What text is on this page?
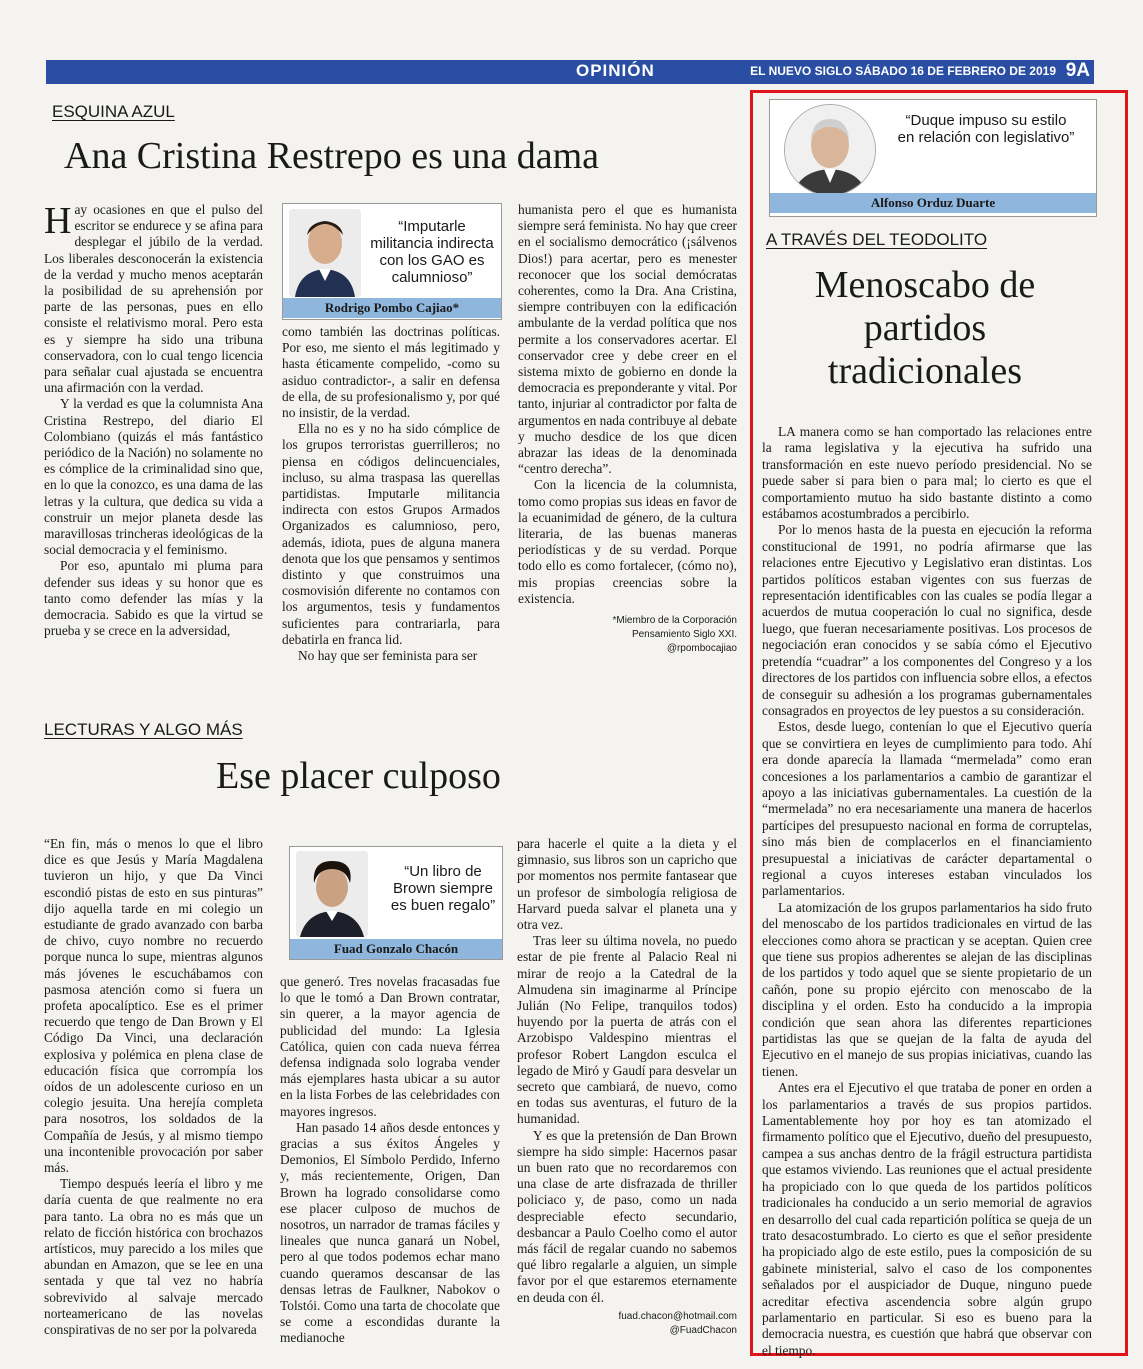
OPINIÓN	EL NUEVO SIGLO SÁBADO 16 DE FEBRERO DE 2019 9A
ESQUINA AZUL
Ana Cristina Restrepo es una dama

Hay ocasiones en que el pulso del escritor se endurece y se afina para desplegar el júbilo de la verdad. Los liberales desconocerán la existencia de la verdad y mucho menos aceptarán la posibilidad de su aprehensión por parte de las personas, pues en ello consiste el relativismo moral. Pero esta es y siempre ha sido una tribuna conservadora, con lo cual tengo licencia para señalar cual ajustada se encuentra una afirmación con la verdad.

Y la verdad es que la columnista Ana Cristina Restrepo, del diario El Colombiano (quizás el más fantástico periódico de la Nación) no solamente no es cómplice de la criminalidad sino que, en lo que la conozco, es una dama de las letras y la cultura, que dedica su vida a construir un mejor planeta desde las maravillosas trincheras ideológicas de la social democracia y el feminismo.

Por eso, apuntalo mi pluma para defender sus ideas y su honor que es tanto como defender las mías y la democracia. Sabido es que la virtud se prueba y se crece en la adversidad,

“Imputarle militancia indirecta con los GAO es calumnioso”
Rodrigo Pombo Cajiao*

como también las doctrinas políticas. Por eso, me siento el más legitimado y hasta éticamente compelido, -como su asiduo contradictor-, a salir en defensa de ella, de su profesionalismo y, por qué no insistir, de la verdad.

Ella no es y no ha sido cómplice de los grupos terroristas guerrilleros; no piensa en códigos delincuenciales, incluso, su alma traspasa las querellas partidistas. Imputarle militancia indirecta con estos Grupos Armados Organizados es calumnioso, pero, además, idiota, pues de alguna manera denota que los que pensamos y sentimos distinto y que construimos una cosmovisión diferente no contamos con los argumentos, tesis y fundamentos suficientes para contrariarla, para debatirla en franca lid.

No hay que ser feminista para ser

humanista pero el que es humanista siempre será feminista. No hay que creer en el socialismo democrático (¡sálvenos Dios!) para acertar, pero es menester reconocer que los social demócratas coherentes, como la Dra. Ana Cristina, siempre contribuyen con la edificación ambulante de la verdad política que nos permite a los conservadores acertar. El conservador cree y debe creer en el sistema mixto de gobierno en donde la democracia es preponderante y vital. Por tanto, injuriar al contradictor por falta de argumentos en nada contribuye al debate y mucho desdice de los que dicen abrazar las ideas de la denominada “centro derecha”.

Con la licencia de la columnista, tomo como propias sus ideas en favor de la ecuanimidad de género, de la cultura literaria, de las buenas maneras periodísticas y de su verdad. Porque todo ello es como fortalecer, (cómo no), mis propias creencias sobre la existencia.

*Miembro de la Corporación
Pensamiento Siglo XXI.
@rpombocajiao
LECTURAS Y ALGO MÁS
Ese placer culposo

“En fin, más o menos lo que el libro dice es que Jesús y María Magdalena tuvieron un hijo, y que Da Vinci escondió pistas de esto en sus pinturas” dijo aquella tarde en mi colegio un estudiante de grado avanzado con barba de chivo, cuyo nombre no recuerdo porque nunca lo supe, mientras algunos más jóvenes le escuchábamos con pasmosa atención como si fuera un profeta apocalíptico. Ese es el primer recuerdo que tengo de Dan Brown y El Código Da Vinci, una declaración explosiva y polémica en plena clase de educación física que corrompía los oídos de un adolescente curioso en un colegio jesuita. Una herejía completa para nosotros, los soldados de la Compañía de Jesús, y al mismo tiempo una incontenible provocación por saber más.

Tiempo después leería el libro y me daría cuenta de que realmente no era para tanto. La obra no es más que un relato de ficción histórica con brochazos artísticos, muy parecido a los miles que abundan en Amazon, que se lee en una sentada y que tal vez no habría sobrevivido al salvaje mercado norteamericano de las novelas conspirativas de no ser por la polvareda

“Un libro de Brown siempre es buen regalo”
Fuad Gonzalo Chacón

que generó. Tres novelas fracasadas fue lo que le tomó a Dan Brown contratar, sin querer, a la mayor agencia de publicidad del mundo: La Iglesia Católica, quien con cada nueva férrea defensa indignada solo lograba vender más ejemplares hasta ubicar a su autor en la lista Forbes de las celebridades con mayores ingresos.

Han pasado 14 años desde entonces y gracias a sus éxitos Ángeles y Demonios, El Símbolo Perdido, Inferno y, más recientemente, Origen, Dan Brown ha logrado consolidarse como ese placer culposo de muchos de nosotros, un narrador de tramas fáciles y lineales que nunca ganará un Nobel, pero al que todos podemos echar mano cuando queramos descansar de las densas letras de Faulkner, Nabokov o Tolstói. Como una tarta de chocolate que se come a escondidas durante la medianoche

para hacerle el quite a la dieta y el gimnasio, sus libros son un capricho que por momentos nos permite fantasear que un profesor de simbología religiosa de Harvard pueda salvar el planeta una y otra vez.

Tras leer su última novela, no puedo estar de pie frente al Palacio Real ni mirar de reojo a la Catedral de la Almudena sin imaginarme al Príncipe Julián (No Felipe, tranquilos todos) huyendo por la puerta de atrás con el Arzobispo Valdespino mientras el profesor Robert Langdon esculca el legado de Miró y Gaudí para desvelar un secreto que cambiará, de nuevo, como en todas sus aventuras, el futuro de la humanidad.

Y es que la pretensión de Dan Brown siempre ha sido simple: Hacernos pasar un buen rato que no recordaremos con una clase de arte disfrazada de thriller policiaco y, de paso, como un nada despreciable efecto secundario, desbancar a Paulo Coelho como el autor más fácil de regalar cuando no sabemos qué libro regalarle a alguien, un simple favor por el que estaremos eternamente en deuda con él.

fuad.chacon@hotmail.com
@FuadChacon
“Duque impuso su estilo en relación con legislativo”
Alfonso Orduz Duarte
A TRAVÉS DEL TEODOLITO
Menoscabo de partidos tradicionales

LA manera como se han comportado las relaciones entre la rama legislativa y la ejecutiva ha sufrido una transformación en este nuevo período presidencial. No se puede saber si para bien o para mal; lo cierto es que el comportamiento mutuo ha sido bastante distinto a como estábamos acostumbrados a percibirlo.

Por lo menos hasta de la puesta en ejecución la reforma constitucional de 1991, no podría afirmarse que las relaciones entre Ejecutivo y Legislativo eran distintas. Los partidos políticos estaban vigentes con sus fuerzas de representación identificables con las cuales se podía llegar a acuerdos de mutua cooperación lo cual no significa, desde luego, que fueran necesariamente positivas. Los procesos de negociación eran conocidos y se sabía cómo el Ejecutivo pretendía “cuadrar” a los componentes del Congreso y a los directores de los partidos con influencia sobre ellos, a efectos de conseguir su adhesión a los programas gubernamentales consagrados en proyectos de ley puestos a su consideración.

Estos, desde luego, contenían lo que el Ejecutivo quería que se convirtiera en leyes de cumplimiento para todo. Ahí era donde aparecía la llamada “mermelada” como eran concesiones a los parlamentarios a cambio de garantizar el apoyo a las iniciativas gubernamentales. La cuestión de la “mermelada” no era necesariamente una manera de hacerlos partícipes del presupuesto nacional en forma de corruptelas, sino más bien de complacerlos en el financiamiento presupuestal a iniciativas de carácter departamental o regional a cuyos intereses estaban vinculados los parlamentarios.

La atomización de los grupos parlamentarios ha sido fruto del menoscabo de los partidos tradicionales en virtud de las elecciones como ahora se practican y se aceptan. Quien cree que tiene sus propios adherentes se alejan de las disciplinas de los partidos y todo aquel que se siente propietario de un cañón, pone su propio ejército con menoscabo de la disciplina y el orden. Esto ha conducido a la impropia condición que sean ahora las diferentes reparticiones partidistas las que se quejan de la falta de ayuda del Ejecutivo en el manejo de sus propias iniciativas, cuando las tienen.

Antes era el Ejecutivo el que trataba de poner en orden a los parlamentarios a través de sus propios partidos. Lamentablemente hoy por hoy es tan atomizado el firmamento político que el Ejecutivo, dueño del presupuesto, campea a sus anchas dentro de la frágil estructura partidista que estamos viviendo. Las reuniones que el actual presidente ha propiciado con lo que queda de los partidos políticos tradicionales ha conducido a un serio memorial de agravios en desarrollo del cual cada repartición política se queja de un trato desacostumbrado. Lo cierto es que el señor presidente ha propiciado algo de este estilo, pues la composición de su gabinete ministerial, salvo el caso de los componentes señalados por el auspiciador de Duque, ninguno puede acreditar efectiva ascendencia sobre algún grupo parlamentario en particular. Si eso es bueno para la democracia nuestra, es cuestión que habrá que observar con el tiempo.
